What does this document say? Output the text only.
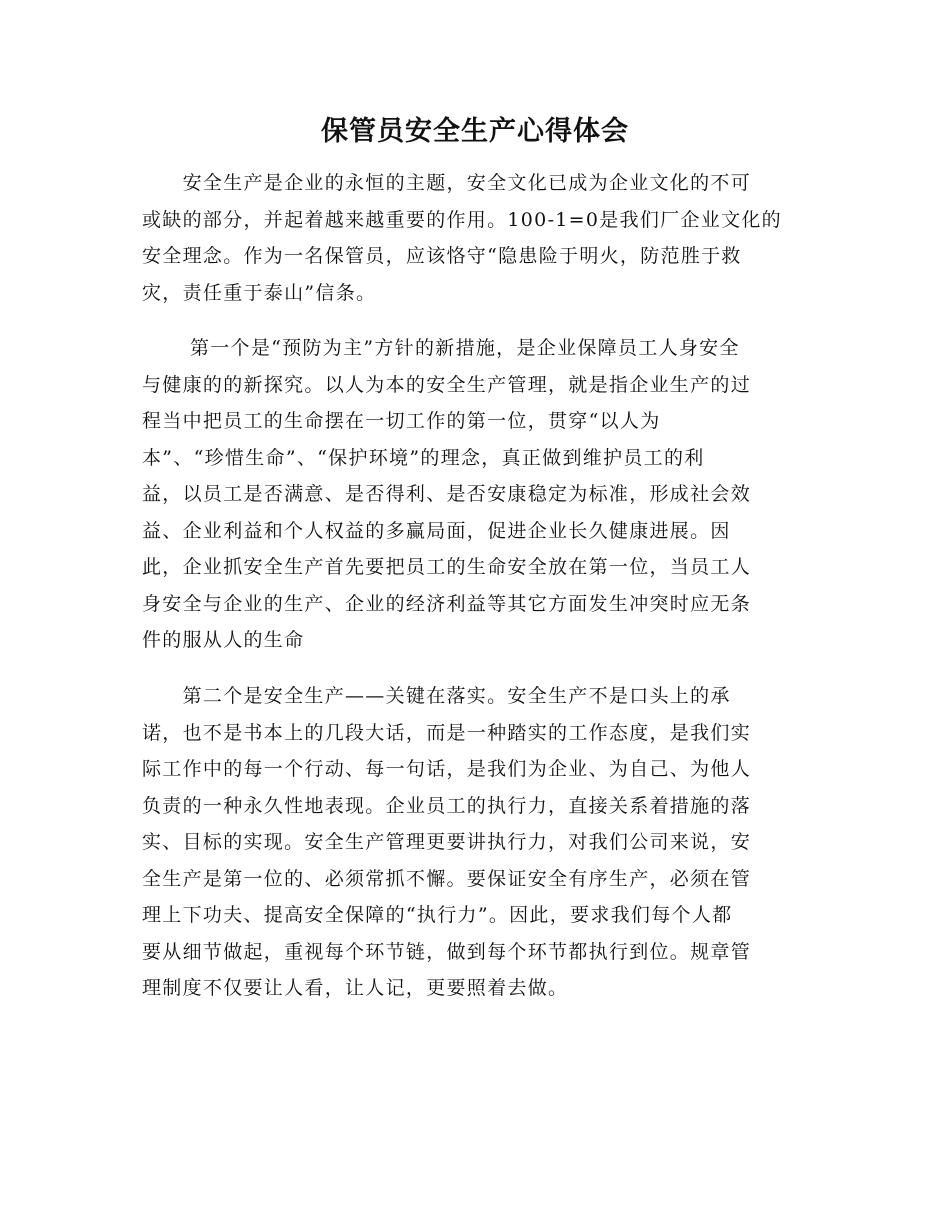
保管员安全生产心得体会
　　安全生产是企业的永恒的主题，安全文化已成为企业文化的不可
或缺的部分，并起着越来越重要的作用。100-1=0是我们厂企业文化的
安全理念。作为一名保管员，应该恪守“隐患险于明火，防范胜于救
灾，责任重于泰山”信条。
　　 第一个是“预防为主”方针的新措施，是企业保障员工人身安全
与健康的的新探究。以人为本的安全生产管理，就是指企业生产的过
程当中把员工的生命摆在一切工作的第一位，贯穿“以人为
本”、“珍惜生命”、“保护环境”的理念，真正做到维护员工的利
益，以员工是否满意、是否得利、是否安康稳定为标准，形成社会效
益、企业利益和个人权益的多赢局面，促进企业长久健康进展。因
此，企业抓安全生产首先要把员工的生命安全放在第一位，当员工人
身安全与企业的生产、企业的经济利益等其它方面发生冲突时应无条
件的服从人的生命
　　第二个是安全生产——关键在落实。安全生产不是口头上的承
诺，也不是书本上的几段大话，而是一种踏实的工作态度，是我们实
际工作中的每一个行动、每一句话，是我们为企业、为自己、为他人
负责的一种永久性地表现。企业员工的执行力，直接关系着措施的落
实、目标的实现。安全生产管理更要讲执行力，对我们公司来说，安
全生产是第一位的、必须常抓不懈。要保证安全有序生产，必须在管
理上下功夫、提高安全保障的“执行力”。因此，要求我们每个人都
要从细节做起，重视每个环节链，做到每个环节都执行到位。规章管
理制度不仅要让人看，让人记，更要照着去做。
